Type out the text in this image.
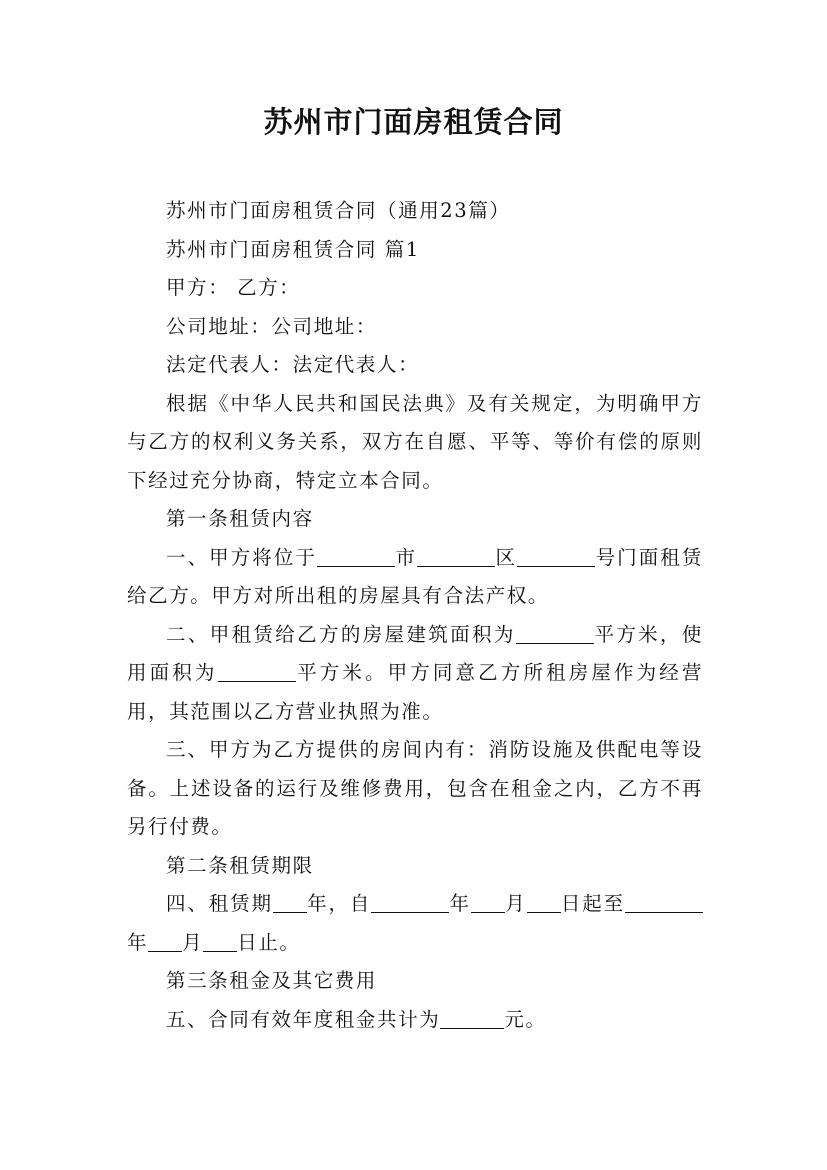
苏州市门面房租赁合同

苏州市门面房租赁合同（通用23篇）

苏州市门面房租赁合同 篇1

甲方： 乙方：

公司地址：公司地址：

法定代表人：法定代表人：

根据《中华人民共和国民法典》及有关规定，为明确甲方与乙方的权利义务关系，双方在自愿、平等、等价有偿的原则下经过充分协商，特定立本合同。

第一条租赁内容

一、甲方将位于	市	区	号门面租赁给乙方。甲方对所出租的房屋具有合法产权。

二、甲租赁给乙方的房屋建筑面积为	平方米，使用面积为	平方米。甲方同意乙方所租房屋作为经营用，其范围以乙方营业执照为准。

三、甲方为乙方提供的房间内有：消防设施及供配电等设备。上述设备的运行及维修费用，包含在租金之内，乙方不再另行付费。

第二条租赁期限

四、租赁期 年，自	年 月 日起至年 月 日止。

第三条租金及其它费用

五、合同有效年度租金共计为	元。
